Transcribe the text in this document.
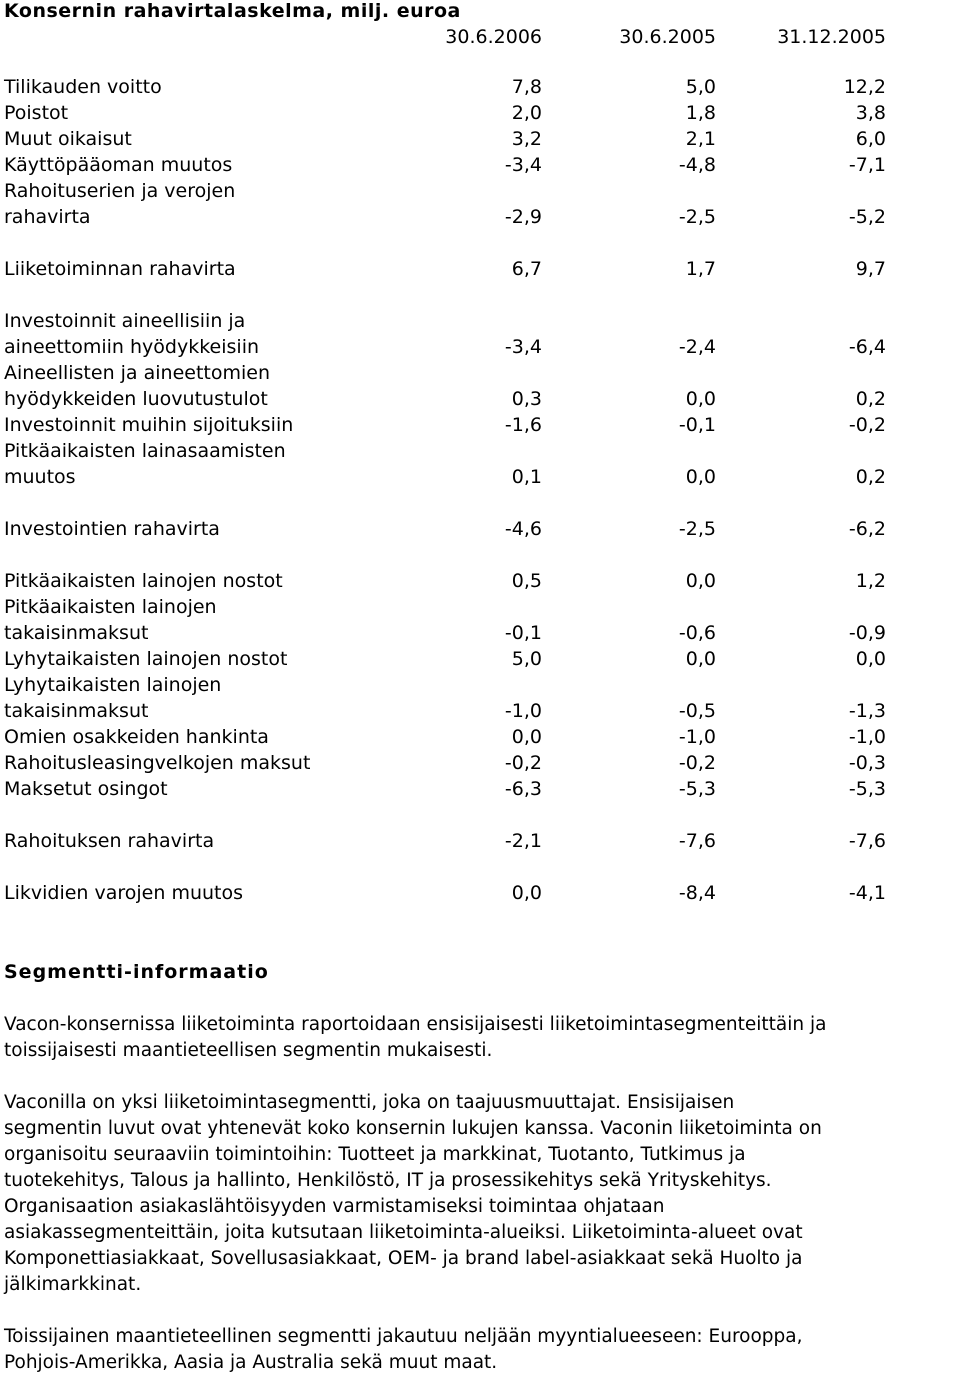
Konsernin rahavirtalaskelma, milj. euroa
30.6.2006	30.6.2005	31.12.2005
Tilikauden voitto	7,8	5,0	12,2
Poistot	2,0	1,8	3,8
Muut oikaisut	3,2	2,1	6,0
Käyttöpääoman muutos	-3,4	-4,8	-7,1
Rahoituserien ja verojen
rahavirta	-2,9	-2,5	-5,2
Liiketoiminnan rahavirta	6,7	1,7	9,7
Investoinnit aineellisiin ja
aineettomiin hyödykkeisiin	-3,4	-2,4	-6,4
Aineellisten ja aineettomien
hyödykkeiden luovutustulot	0,3	0,0	0,2
Investoinnit muihin sijoituksiin	-1,6	-0,1	-0,2
Pitkäaikaisten lainasaamisten
muutos	0,1	0,0	0,2
Investointien rahavirta	-4,6	-2,5	-6,2
Pitkäaikaisten lainojen nostot	0,5	0,0	1,2
Pitkäaikaisten lainojen
takaisinmaksut	-0,1	-0,6	-0,9
Lyhytaikaisten lainojen nostot	5,0	0,0	0,0
Lyhytaikaisten lainojen
takaisinmaksut	-1,0	-0,5	-1,3
Omien osakkeiden hankinta	0,0	-1,0	-1,0
Rahoitusleasingvelkojen maksut	-0,2	-0,2	-0,3
Maksetut osingot	-6,3	-5,3	-5,3
Rahoituksen rahavirta	-2,1	-7,6	-7,6
Likvidien varojen muutos	0,0	-8,4	-4,1
Segmentti-informaatio
Vacon-konsernissa liiketoiminta raportoidaan ensisijaisesti liiketoimintasegmenteittäin ja
toissijaisesti maantieteellisen segmentin mukaisesti.
Vaconilla on yksi liiketoimintasegmentti, joka on taajuusmuuttajat. Ensisijaisen
segmentin luvut ovat yhtenevät koko konsernin lukujen kanssa. Vaconin liiketoiminta on
organisoitu seuraaviin toimintoihin: Tuotteet ja markkinat, Tuotanto, Tutkimus ja
tuotekehitys, Talous ja hallinto, Henkilöstö, IT ja prosessikehitys sekä Yrityskehitys.
Organisaation asiakaslähtöisyyden varmistamiseksi toimintaa ohjataan
asiakassegmenteittäin, joita kutsutaan liiketoiminta-alueiksi. Liiketoiminta-alueet ovat
Komponettiasiakkaat, Sovellusasiakkaat, OEM- ja brand label-asiakkaat sekä Huolto ja
jälkimarkkinat.
Toissijainen maantieteellinen segmentti jakautuu neljään myyntialueeseen: Eurooppa,
Pohjois-Amerikka, Aasia ja Australia sekä muut maat.
